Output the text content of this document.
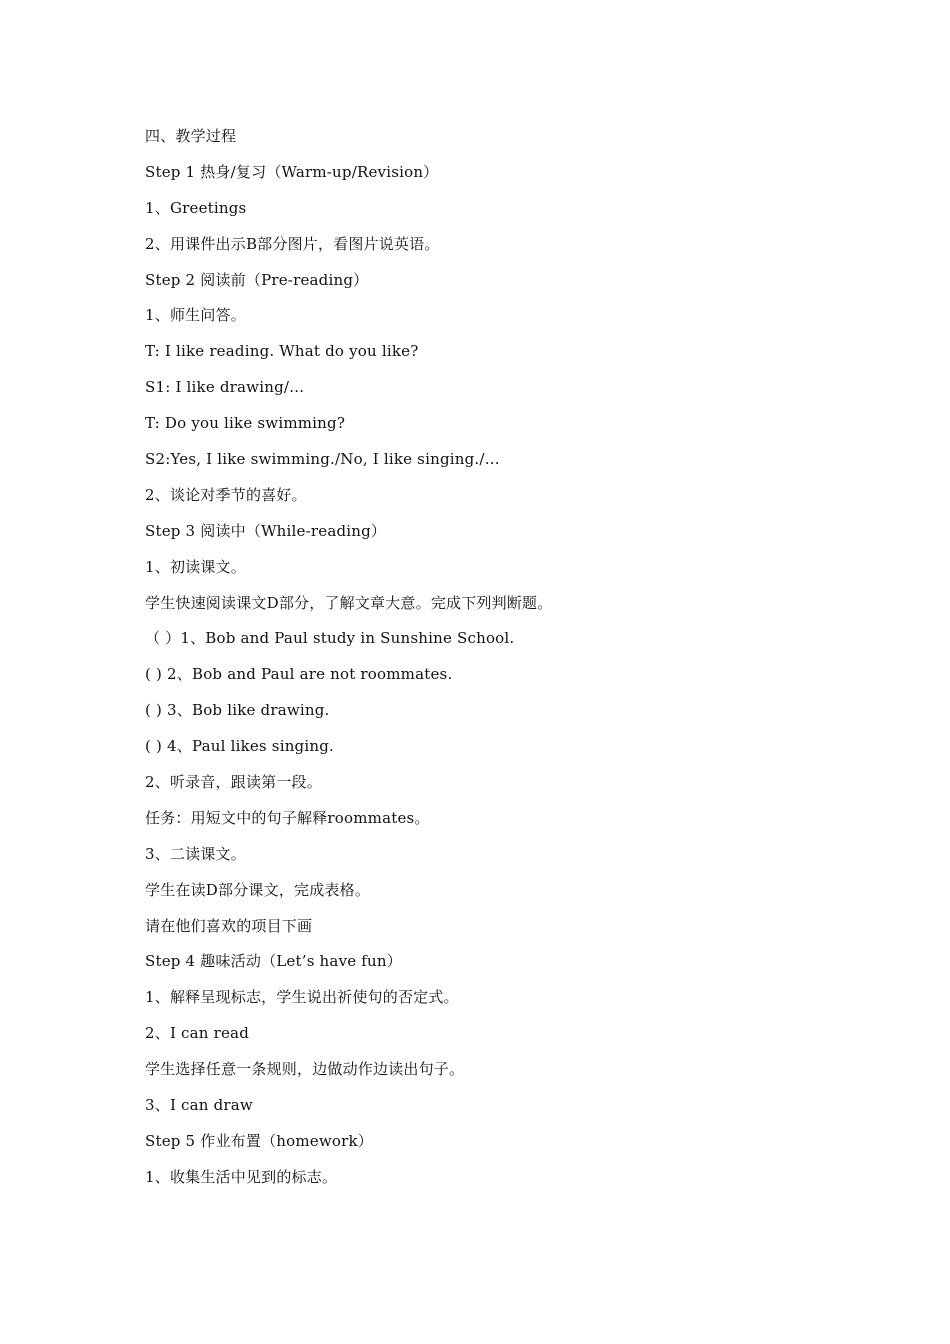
四、教学过程
Step 1 热身/复习（Warm-up/Revision）
1、Greetings
2、用课件出示B部分图片，看图片说英语。
Step 2 阅读前（Pre-reading）
1、师生问答。
T: I like reading. What do you like?
S1: I like drawing/…
T: Do you like swimming?
S2:Yes, I like swimming./No, I like singing./…
2、谈论对季节的喜好。
Step 3 阅读中（While-reading）
1、初读课文。
学生快速阅读课文D部分，了解文章大意。完成下列判断题。
（ ）1、Bob and Paul study in Sunshine School.
( ) 2、Bob and Paul are not roommates.
( ) 3、Bob like drawing.
( ) 4、Paul likes singing.
2、听录音，跟读第一段。
任务：用短文中的句子解释roommates。
3、二读课文。
学生在读D部分课文，完成表格。
请在他们喜欢的项目下画
Step 4 趣味活动（Let’s have fun）
1、解释呈现标志，学生说出祈使句的否定式。
2、I can read
学生选择任意一条规则，边做动作边读出句子。
3、I can draw
Step 5 作业布置（homework）
1、收集生活中见到的标志。
